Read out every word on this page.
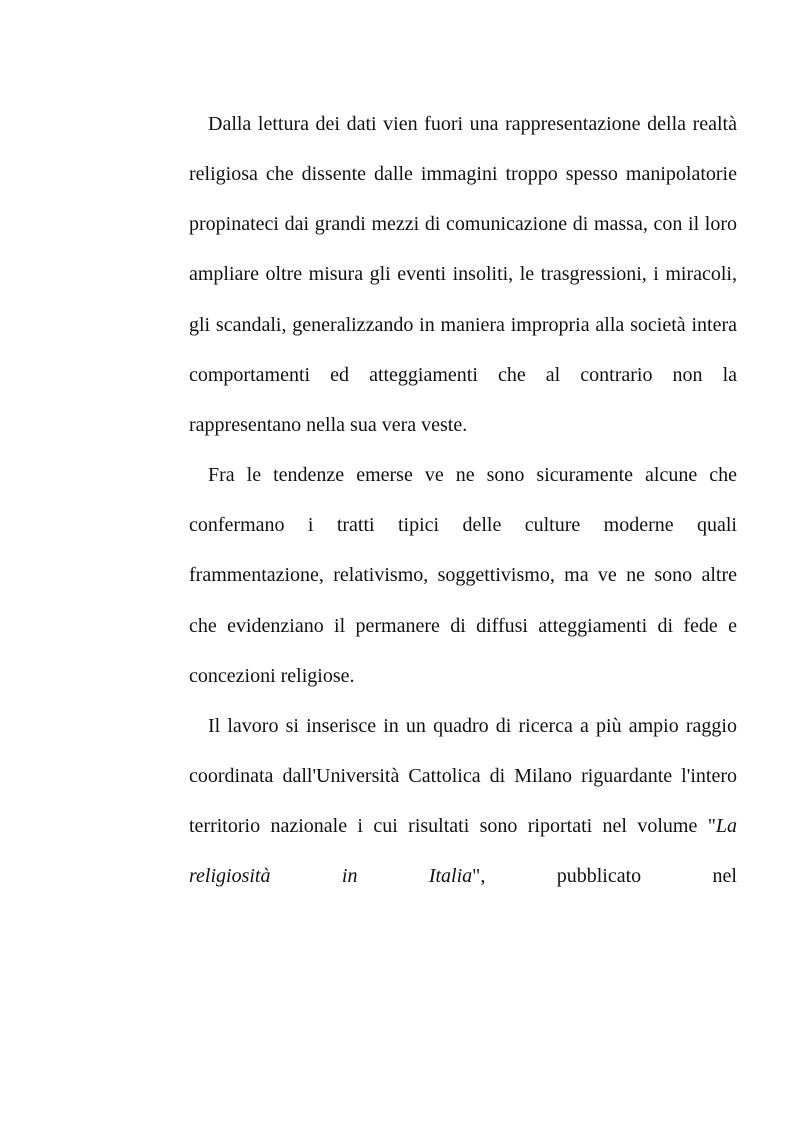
Dalla lettura dei dati vien fuori una rappresentazione della realtà religiosa che dissente dalle immagini troppo spesso manipolatorie propinateci dai grandi mezzi di comunicazione di massa, con il loro ampliare oltre misura gli eventi insoliti, le trasgressioni, i miracoli, gli scandali, generalizzando in maniera impropria alla società intera comportamenti ed atteggiamenti che al contrario non la rappresentano nella sua vera veste.

Fra le tendenze emerse ve ne sono sicuramente alcune che confermano i tratti tipici delle culture moderne quali frammentazione, relativismo, soggettivismo, ma ve ne sono altre che evidenziano il permanere di diffusi atteggiamenti di fede e concezioni religiose.

Il lavoro si inserisce in un quadro di ricerca a più ampio raggio coordinata dall'Università Cattolica di Milano riguardante l'intero territorio nazionale i cui risultati sono riportati nel volume "La religiosità in Italia", pubblicato nel
